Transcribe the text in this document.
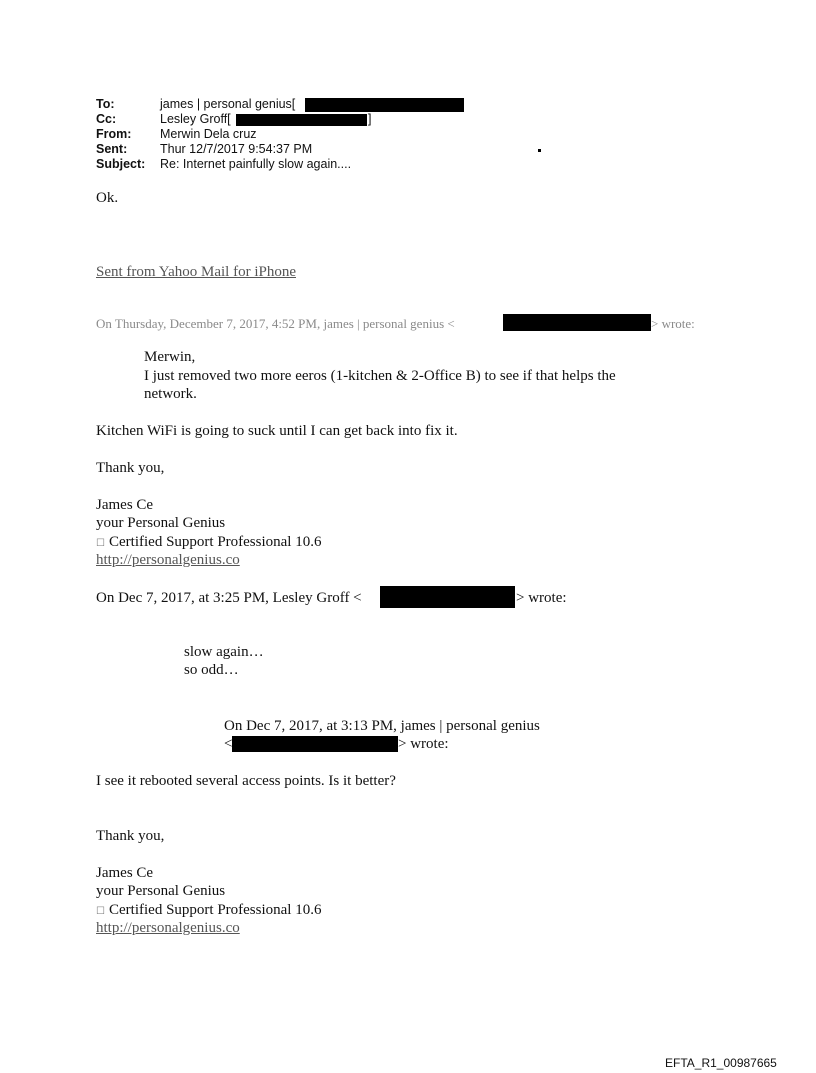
To:	james | personal genius[
Cc:	Lesley Groff[	]
From: Merwin Dela cruz
Sent:	Thur 12/7/2017 9:54:37 PM
Subject: Re: Internet painfully slow again....
Ok.
Sent from Yahoo Mail for iPhone
On Thursday, December 7, 2017, 4:52 PM, james | personal genius <	> wrote:
Merwin,
I just removed two more eeros (1-kitchen & 2-Office B) to see if that helps the
network.
Kitchen WiFi is going to suck until I can get back into fix it.
Thank you,
James Ce
your Personal Genius
☐ Certified Support Professional 10.6
http://personalgenius.co
On Dec 7, 2017, at 3:25 PM, Lesley Groff <	> wrote:
slow again…
so odd…
On Dec 7, 2017, at 3:13 PM, james | personal genius
<	> wrote:
I see it rebooted several access points. Is it better?
Thank you,
James Ce
your Personal Genius
☐ Certified Support Professional 10.6
http://personalgenius.co
EFTA_R1_00987665
